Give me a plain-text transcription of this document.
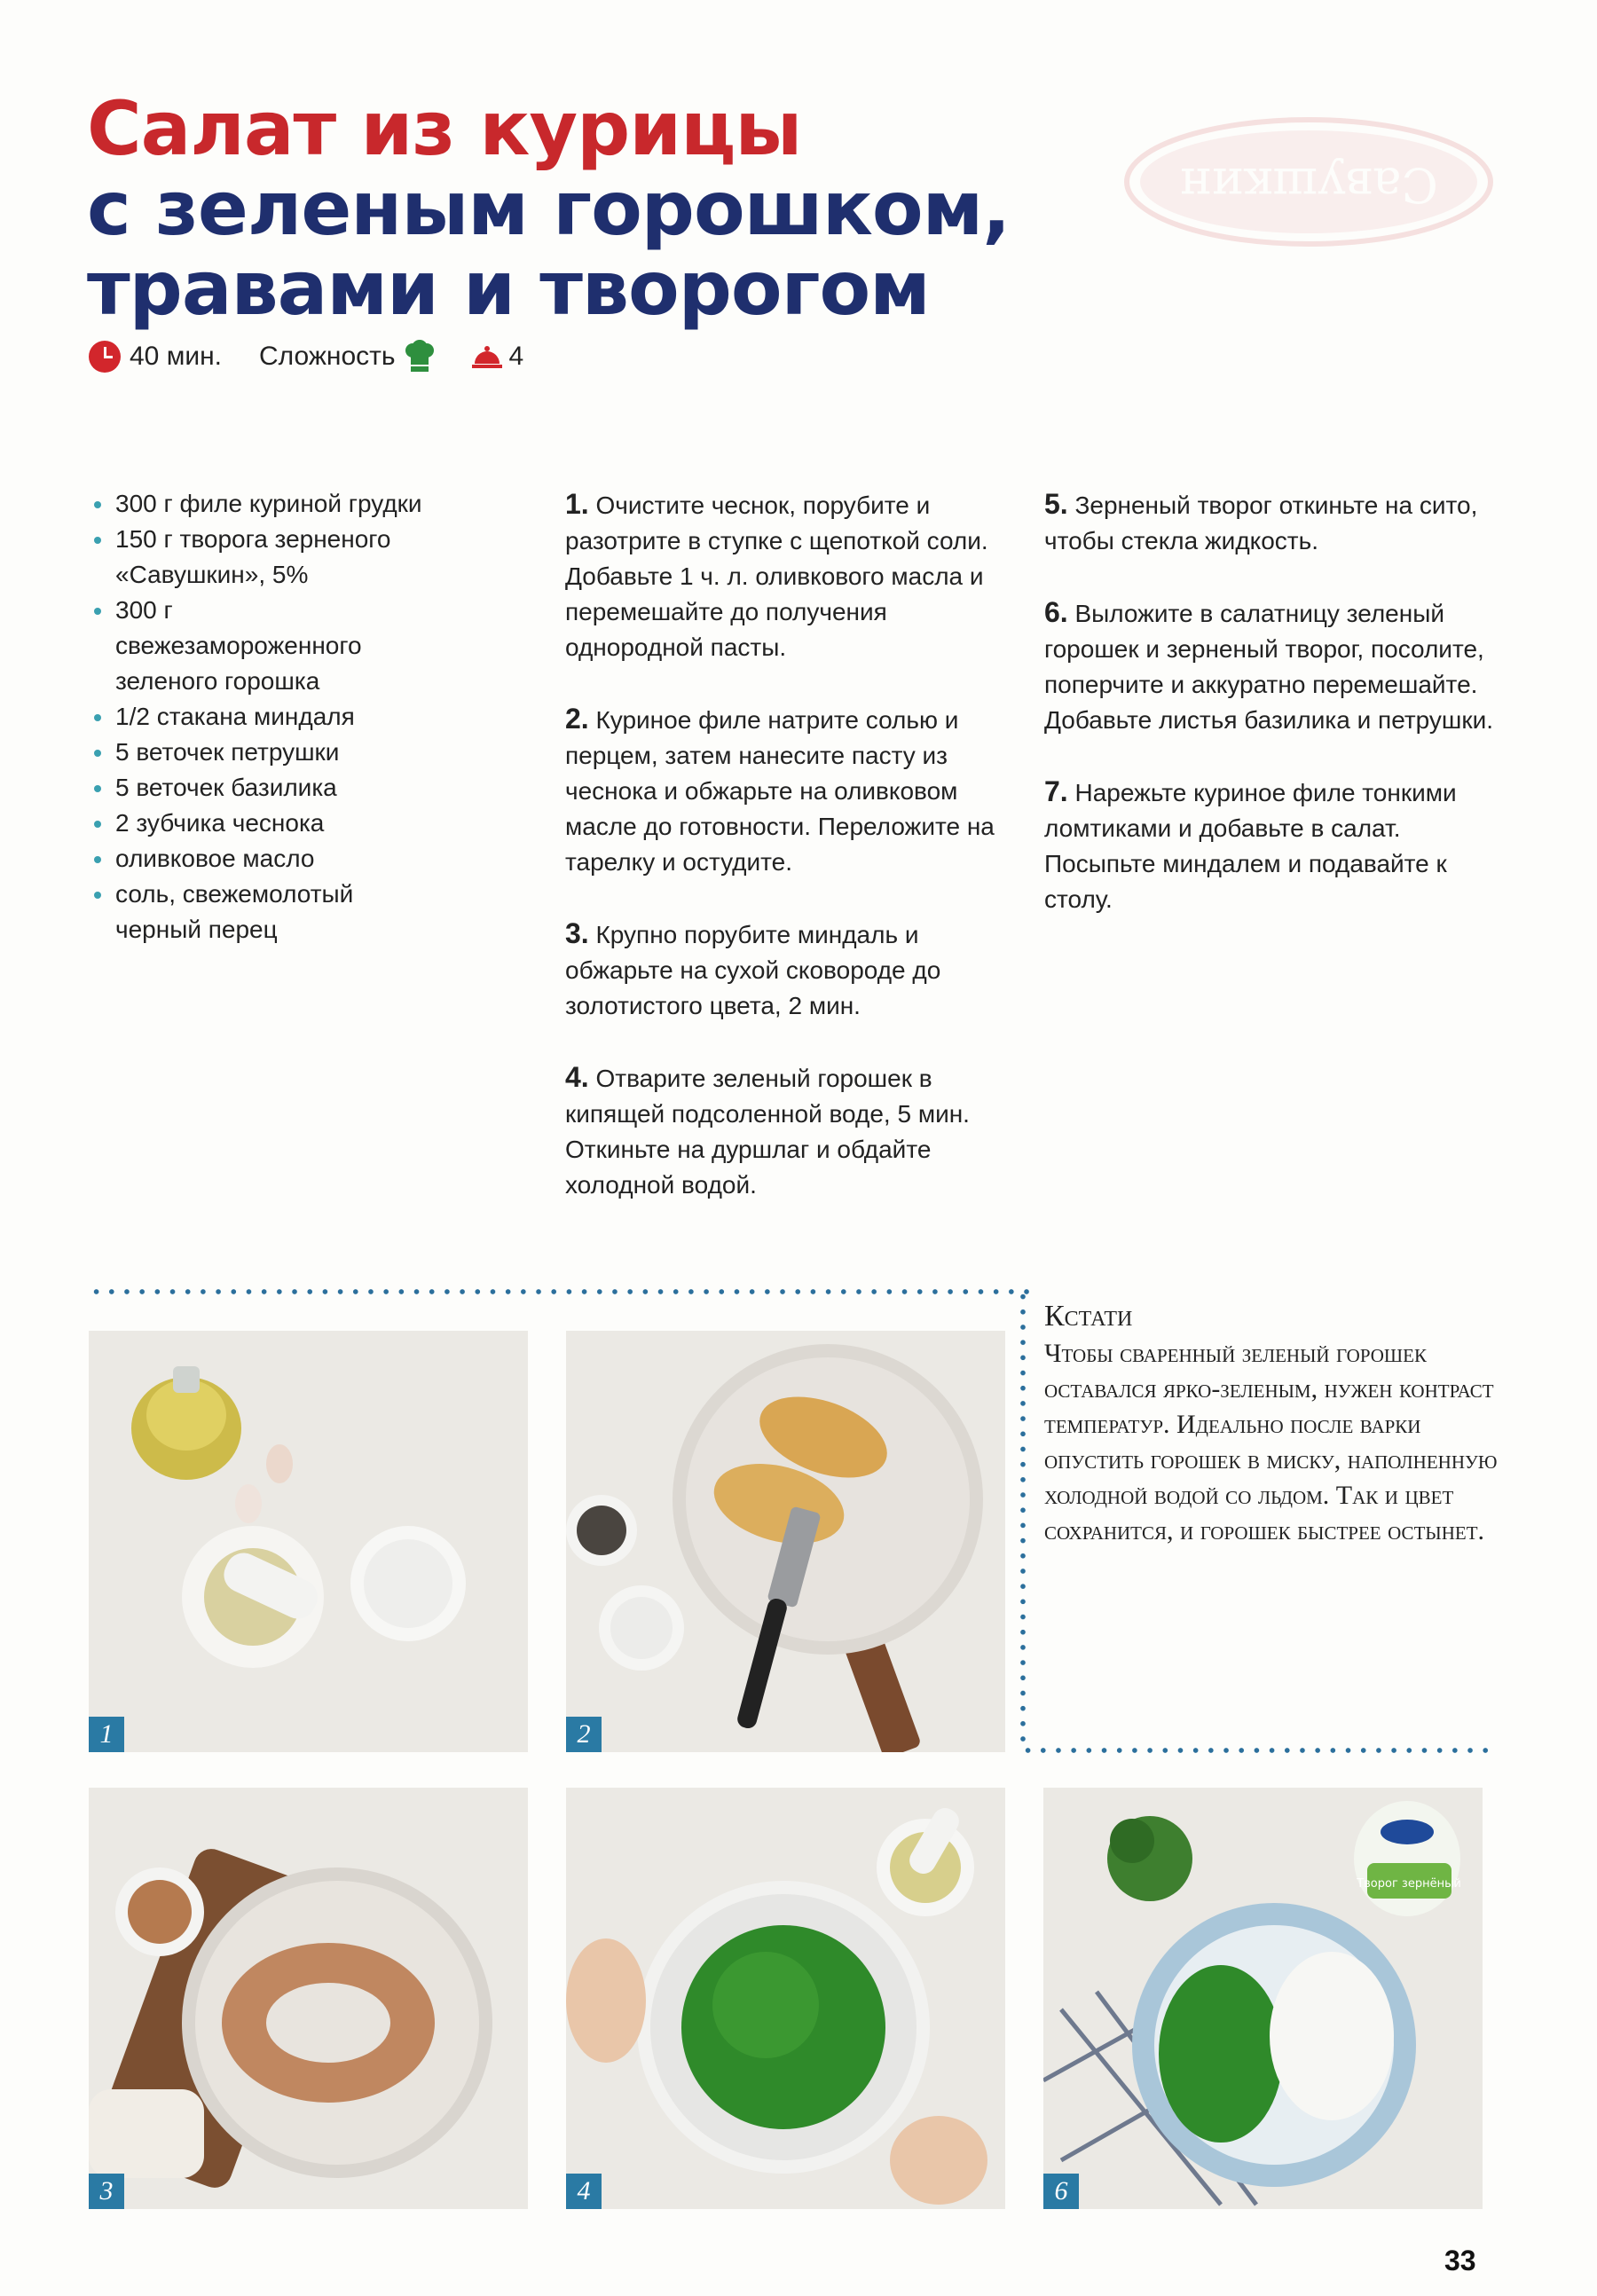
Савушкин
Салат из курицы
с зеленым горошком,
травами и творогом
40 мин. Сложность	4
300 г филе куриной грудки
150 г творога зерненого «Савушкин», 5%
300 г свежезамороженного зеленого горошка
1/2 стакана миндаля
5 веточек петрушки
5 веточек базилика
2 зубчика чеснока
оливковое масло
соль, свежемолотый черный перец

1. Очистите чеснок, порубите и разотрите в ступке с щепоткой соли. Добавьте 1 ч. л. оливкового масла и перемешайте до получения однородной пасты.

2. Куриное филе натрите солью и перцем, затем нанесите пасту из чеснока и обжарьте на оливковом масле до готовности. Переложите на тарелку и остудите.

3. Крупно порубите миндаль и обжарьте на сухой сковороде до золотистого цвета, 2 мин.

4. Отварите зеленый горошек в кипящей подсоленной воде, 5 мин. Откиньте на дуршлаг и обдайте холодной водой.

5. Зерненый творог откиньте на сито, чтобы стекла жидкость.

6. Выложите в салатницу зеленый горошек и зерненый творог, посолите, поперчите и аккуратно перемешайте. Добавьте листья базилика и петрушки.

7. Нарежьте куриное филе тонкими ломтиками и добавьте в салат. Посыпьте миндалем и подавайте к столу.

Кстати
Чтобы сваренный зеленый горошек оставался ярко-зеленым, нужен контраст температур. Идеально после варки опустить горошек в миску, наполненную холодной водой со льдом. Так и цвет сохранится, и горошек быстрее остынет.
1	2
3	4
Творог зернёный
6
33
